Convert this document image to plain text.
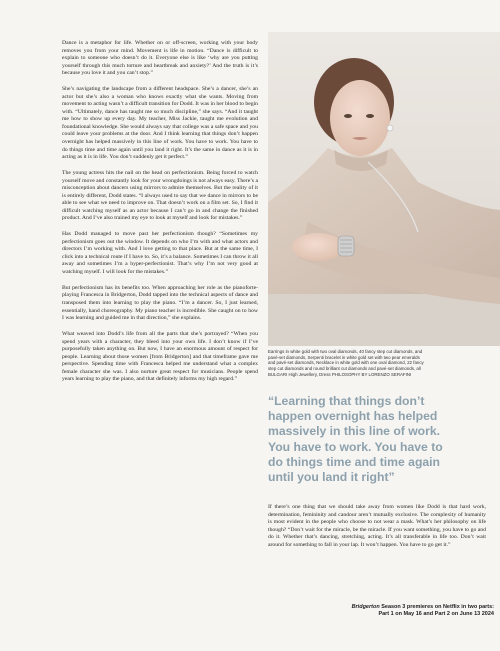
Dance is a metaphor for life. Whether on or off-screen, working with your body removes you from your mind. Movement is life in motion. “Dance is difficult to explain to someone who doesn’t do it. Everyone else is like ‘why are you putting yourself through this much torture and heartbreak and anxiety?’ And the truth is it’s because you love it and you can’t stop.”

She’s navigating the landscape from a different headspace. She’s a dancer, she’s an actor but she’s also a woman who knows exactly what she wants. Moving from movement to acting wasn’t a difficult transition for Dodd. It was in her blood to begin with. “Ultimately, dance has taught me so much discipline,” she says. “And it taught me how to show up every day. My teacher, Miss Jackie, taught me evolution and foundational knowledge. She would always say that college was a safe space and you could leave your problems at the door. And I think learning that things don’t happen overnight has helped massively in this line of work. You have to work. You have to do things time and time again until you land it right. It’s the same in dance as it is in acting as it is in life. You don’t suddenly get it perfect.”

The young actress hits the nail on the head on perfectionism. Being forced to watch yourself move and constantly look for your wrongdoings is not always easy. There’s a misconception about dancers using mirrors to admire themselves. But the reality of it is entirely different, Dodd states. “I always used to say that we dance in mirrors to be able to see what we need to improve on. That doesn’t work on a film set. So, I find it difficult watching myself as an actor because I can’t go in and change the finished product. And I’ve also trained my eye to look at myself and look for mistakes.”

Has Dodd managed to move past her perfectionism though? “Sometimes my perfectionism goes out the window. It depends on who I’m with and what actors and directors I’m working with. And I love getting to that place. But at the same time, I click into a technical route if I have to. So, it’s a balance. Sometimes I can throw it all away and sometimes I’m a hyper-perfectionist. That’s why I’m not very good at watching myself. I will look for the mistakes.”

But perfectionism has its benefits too. When approaching her role as the pianoforte-playing Francesca in Bridgerton, Dodd tapped into the technical aspects of dance and transposed them into learning to play the piano. “I’m a dancer. So, I just learned, essentially, hand choreography. My piano teacher is incredible. She caught on to how I was learning and guided me in that direction,” she explains.

What weaved into Dodd’s life from all the parts that she’s portrayed? “When you spend years with a character, they bleed into your own life. I don’t know if I’ve purposefully taken anything on. But now, I have an enormous amount of respect for people. Learning about those women [from Bridgerton] and that timeframe gave me perspective. Spending time with Francesca helped me understand what a complex female character she was. I also nurture great respect for musicians. People spend years learning to play the piano, and that definitely informs my high regard.”

Earrings in white gold with two oval diamonds, 40 fancy step cut diamonds, and
pavé-set diamonds, Serpenti bracelet in white gold set with two pear emeralds
and pavé-set diamonds, Necklace in white gold with one oval diamond, 22 fancy
step cut diamonds and round brilliant cut diamonds and pavé-set diamonds, all
BULGARI High Jewellery, Dress PHILOSOPHY BY LORENZO SERAFINI
“Learning that things don’t
happen overnight has helped
massively in this line of work.
You have to work. You have to
do things time and time again
until you land it right”

If there’s one thing that we should take away from women like Dodd is that hard work, determination, femininity and candour aren’t mutually exclusive. The complexity of humanity is most evident in the people who choose to not wear a mask. What’s her philosophy on life though? “Don’t wait for the miracle, be the miracle. If you want something, you have to go and do it. Whether that’s dancing, stretching, acting. It’s all transferable in life too. Don’t wait around for something to fall in your lap. It won’t happen. You have to go get it.”

Bridgerton Season 3 premieres on Netflix in two parts:
Part 1 on May 16 and Part 2 on June 13 2024
